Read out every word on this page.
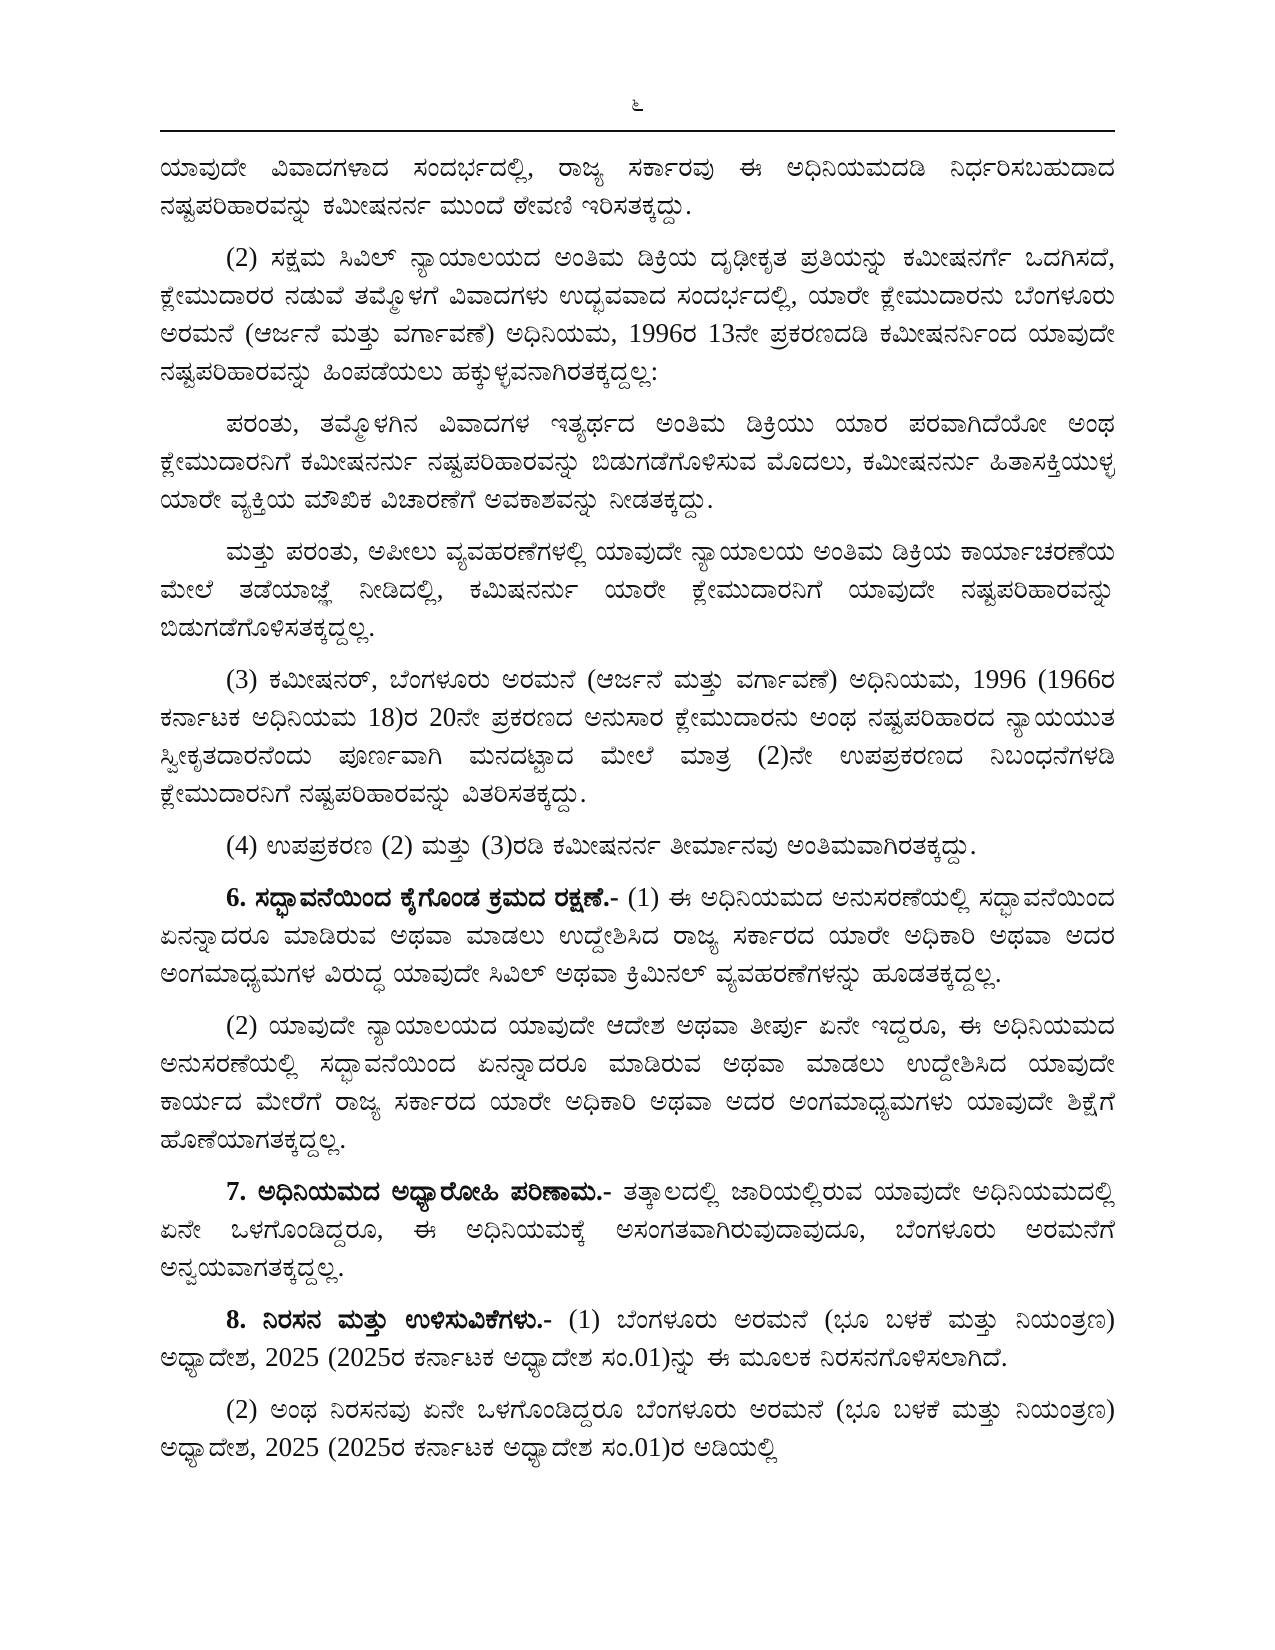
೬

ಯಾವುದೇ ವಿವಾದಗಳಾದ ಸಂದರ್ಭದಲ್ಲಿ, ರಾಜ್ಯ ಸರ್ಕಾರವು ಈ ಅಧಿನಿಯಮದಡಿ ನಿರ್ಧರಿಸಬಹುದಾದ ನಷ್ಟಪರಿಹಾರವನ್ನು ಕಮೀಷನರ್ನ ಮುಂದೆ ಠೇವಣಿ ಇರಿಸತಕ್ಕದ್ದು.

(2) ಸಕ್ಷಮ ಸಿವಿಲ್ ನ್ಯಾಯಾಲಯದ ಅಂತಿಮ ಡಿಕ್ರಿಯ ದೃಢೀಕೃತ ಪ್ರತಿಯನ್ನು ಕಮೀಷನರ್ಗೆ ಒದಗಿಸದೆ, ಕ್ಲೇಮುದಾರರ ನಡುವೆ ತಮ್ಮೊಳಗೆ ವಿವಾದಗಳು ಉದ್ಭವವಾದ ಸಂದರ್ಭದಲ್ಲಿ, ಯಾರೇ ಕ್ಲೇಮುದಾರನು ಬೆಂಗಳೂರು ಅರಮನೆ (ಆರ್ಜನೆ ಮತ್ತು ವರ್ಗಾವಣೆ) ಅಧಿನಿಯಮ, 1996ರ 13ನೇ ಪ್ರಕರಣದಡಿ ಕಮೀಷನರ್ನಿಂದ ಯಾವುದೇ ನಷ್ಟಪರಿಹಾರವನ್ನು ಹಿಂಪಡೆಯಲು ಹಕ್ಕುಳ್ಳವನಾಗಿರತಕ್ಕದ್ದಲ್ಲ:

ಪರಂತು, ತಮ್ಮೊಳಗಿನ ವಿವಾದಗಳ ಇತ್ಯರ್ಥದ ಅಂತಿಮ ಡಿಕ್ರಿಯು ಯಾರ ಪರವಾಗಿದೆಯೋ ಅಂಥ ಕ್ಲೇಮುದಾರನಿಗೆ ಕಮೀಷನರ್ನು ನಷ್ಟಪರಿಹಾರವನ್ನು ಬಿಡುಗಡೆಗೊಳಿಸುವ ಮೊದಲು, ಕಮೀಷನರ್ನು ಹಿತಾಸಕ್ತಿಯುಳ್ಳ ಯಾರೇ ವ್ಯಕ್ತಿಯ ಮೌಖಿಕ ವಿಚಾರಣೆಗೆ ಅವಕಾಶವನ್ನು ನೀಡತಕ್ಕದ್ದು.

ಮತ್ತು ಪರಂತು, ಅಪೀಲು ವ್ಯವಹರಣೆಗಳಲ್ಲಿ ಯಾವುದೇ ನ್ಯಾಯಾಲಯ ಅಂತಿಮ ಡಿಕ್ರಿಯ ಕಾರ್ಯಾಚರಣೆಯ ಮೇಲೆ ತಡೆಯಾಜ್ಞೆ ನೀಡಿದಲ್ಲಿ, ಕಮಿಷನರ್ನು ಯಾರೇ ಕ್ಲೇಮುದಾರನಿಗೆ ಯಾವುದೇ ನಷ್ಟಪರಿಹಾರವನ್ನು ಬಿಡುಗಡೆಗೊಳಿಸತಕ್ಕದ್ದಲ್ಲ.

(3) ಕಮೀಷನರ್, ಬೆಂಗಳೂರು ಅರಮನೆ (ಆರ್ಜನೆ ಮತ್ತು ವರ್ಗಾವಣೆ) ಅಧಿನಿಯಮ, 1996 (1966ರ ಕರ್ನಾಟಕ ಅಧಿನಿಯಮ 18)ರ 20ನೇ ಪ್ರಕರಣದ ಅನುಸಾರ ಕ್ಲೇಮುದಾರನು ಅಂಥ ನಷ್ಟಪರಿಹಾರದ ನ್ಯಾಯಯುತ ಸ್ವೀಕೃತದಾರನೆಂದು ಪೂರ್ಣವಾಗಿ ಮನದಟ್ಟಾದ ಮೇಲೆ ಮಾತ್ರ (2)ನೇ ಉಪಪ್ರಕರಣದ ನಿಬಂಧನೆಗಳಡಿ ಕ್ಲೇಮುದಾರನಿಗೆ ನಷ್ಟಪರಿಹಾರವನ್ನು ವಿತರಿಸತಕ್ಕದ್ದು.

(4) ಉಪಪ್ರಕರಣ (2) ಮತ್ತು (3)ರಡಿ ಕಮೀಷನರ್ನ ತೀರ್ಮಾನವು ಅಂತಿಮವಾಗಿರತಕ್ಕದ್ದು.

6. ಸದ್ಭಾವನೆಯಿಂದ ಕೈಗೊಂಡ ಕ್ರಮದ ರಕ್ಷಣೆ.- (1) ಈ ಅಧಿನಿಯಮದ ಅನುಸರಣೆಯಲ್ಲಿ ಸದ್ಭಾವನೆಯಿಂದ ಏನನ್ನಾದರೂ ಮಾಡಿರುವ ಅಥವಾ ಮಾಡಲು ಉದ್ದೇಶಿಸಿದ ರಾಜ್ಯ ಸರ್ಕಾರದ ಯಾರೇ ಅಧಿಕಾರಿ ಅಥವಾ ಅದರ ಅಂಗಮಾಧ್ಯಮಗಳ ವಿರುದ್ಧ ಯಾವುದೇ ಸಿವಿಲ್ ಅಥವಾ ಕ್ರಿಮಿನಲ್ ವ್ಯವಹರಣೆಗಳನ್ನು ಹೂಡತಕ್ಕದ್ದಲ್ಲ.

(2) ಯಾವುದೇ ನ್ಯಾಯಾಲಯದ ಯಾವುದೇ ಆದೇಶ ಅಥವಾ ತೀರ್ಪು ಏನೇ ಇದ್ದರೂ, ಈ ಅಧಿನಿಯಮದ ಅನುಸರಣೆಯಲ್ಲಿ ಸದ್ಭಾವನೆಯಿಂದ ಏನನ್ನಾದರೂ ಮಾಡಿರುವ ಅಥವಾ ಮಾಡಲು ಉದ್ದೇಶಿಸಿದ ಯಾವುದೇ ಕಾರ್ಯದ ಮೇರೆಗೆ ರಾಜ್ಯ ಸರ್ಕಾರದ ಯಾರೇ ಅಧಿಕಾರಿ ಅಥವಾ ಅದರ ಅಂಗಮಾಧ್ಯಮಗಳು ಯಾವುದೇ ಶಿಕ್ಷೆಗೆ ಹೊಣೆಯಾಗತಕ್ಕದ್ದಲ್ಲ.

7. ಅಧಿನಿಯಮದ ಅಧ್ಯಾರೋಹಿ ಪರಿಣಾಮ.- ತತ್ಕಾಲದಲ್ಲಿ ಜಾರಿಯಲ್ಲಿರುವ ಯಾವುದೇ ಅಧಿನಿಯಮದಲ್ಲಿ ಏನೇ ಒಳಗೊಂಡಿದ್ದರೂ, ಈ ಅಧಿನಿಯಮಕ್ಕೆ ಅಸಂಗತವಾಗಿರುವುದಾವುದೂ, ಬೆಂಗಳೂರು ಅರಮನೆಗೆ ಅನ್ವಯವಾಗತಕ್ಕದ್ದಲ್ಲ.

8. ನಿರಸನ ಮತ್ತು ಉಳಿಸುವಿಕೆಗಳು.- (1) ಬೆಂಗಳೂರು ಅರಮನೆ (ಭೂ ಬಳಕೆ ಮತ್ತು ನಿಯಂತ್ರಣ) ಅಧ್ಯಾದೇಶ, 2025 (2025ರ ಕರ್ನಾಟಕ ಅಧ್ಯಾದೇಶ ಸಂ.01)ನ್ನು ಈ ಮೂಲಕ ನಿರಸನಗೊಳಿಸಲಾಗಿದೆ.

(2) ಅಂಥ ನಿರಸನವು ಏನೇ ಒಳಗೊಂಡಿದ್ದರೂ ಬೆಂಗಳೂರು ಅರಮನೆ (ಭೂ ಬಳಕೆ ಮತ್ತು ನಿಯಂತ್ರಣ) ಅಧ್ಯಾದೇಶ, 2025 (2025ರ ಕರ್ನಾಟಕ ಅಧ್ಯಾದೇಶ ಸಂ.01)ರ ಅಡಿಯಲ್ಲಿ
